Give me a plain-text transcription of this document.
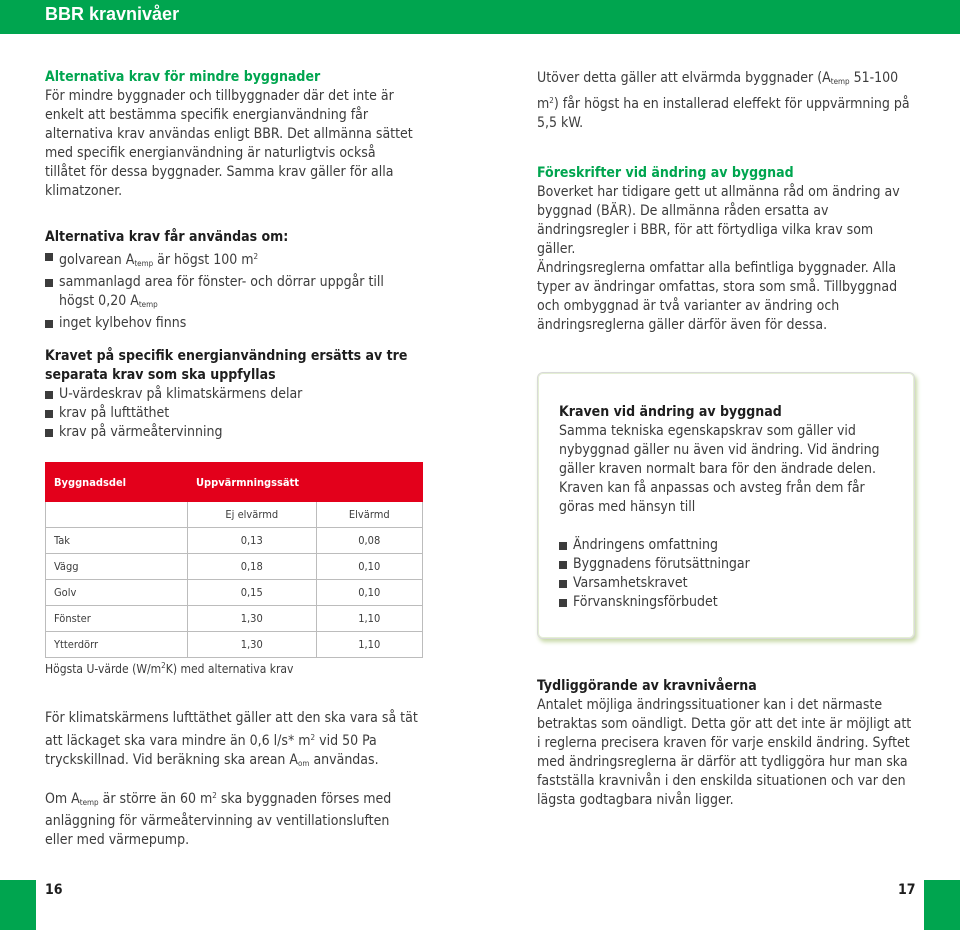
BBR kravnivåer

Alternativa krav för mindre byggnader

För mindre byggnader och tillbyggnader där det inte är enkelt att bestämma specifik energianvändning får alternativa krav användas enligt BBR. Det allmänna sättet med specifik energianvändning är naturligtvis också tillåtet för dessa byggnader. Samma krav gäller för alla klimatzoner.

Alternativa krav får användas om:

golvarean $A_{temp}$ är högst 100 $m^2$
sammanlagd area för fönster- och dörrar uppgår till högst 0,20 $A_{temp}$
inget kylbehov finns

Kravet på specifik energianvändning ersätts av tre separata krav som ska uppfyllas

U-värdeskrav på klimatskärmens delar
krav på lufttäthet
krav på värmeåtervinning
Byggnadsdel	Uppvärmningssätt	
	Ej elvärmd	Elvärmd
Tak	0,13	0,08
Vägg	0,18	0,10
Golv	0,15	0,10
Fönster	1,30	1,10
Ytterdörr	1,30	1,10
Högsta U-värde $(W/m^2K)$ med alternativa krav

För klimatskärmens lufttäthet gäller att den ska vara så tät att läckaget ska vara mindre än 0,6 l/s* $m^2$ vid 50 Pa tryckskillnad. Vid beräkning ska arean $A_{om}$ användas.

Om $A_{temp}$ är större än 60 $m^2$ ska byggnaden förses med anläggning för värmeåtervinning av ventillationsluften eller med värmepump.

Utöver detta gäller att elvärmda byggnader ($A_{temp}$ 51-100 $m^2$) får högst ha en installerad eleffekt för uppvärmning på 5,5 kW.

Föreskrifter vid ändring av byggnad

Boverket har tidigare gett ut allmänna råd om ändring av byggnad (BÄR). De allmänna råden ersatta av ändringsregler i BBR, för att förtydliga vilka krav som gäller.

Ändringsreglerna omfattar alla befintliga byggnader. Alla typer av ändringar omfattas, stora som små. Tillbyggnad och ombyggnad är två varianter av ändring och ändringsreglerna gäller därför även för dessa.

Kraven vid ändring av byggnad

Samma tekniska egenskapskrav som gäller vid nybyggnad gäller nu även vid ändring. Vid ändring gäller kraven normalt bara för den ändrade delen. Kraven kan få anpassas och avsteg från dem får göras med hänsyn till

Ändringens omfattning
Byggnadens förutsättningar
Varsamhetskravet
Förvanskningsförbudet

Tydliggörande av kravnivåerna

Antalet möjliga ändringssituationer kan i det närmaste betraktas som oändligt. Detta gör att det inte är möjligt att i reglerna precisera kraven för varje enskild ändring. Syftet med ändringsreglerna är därför att tydliggöra hur man ska fastställa kravnivån i den enskilda situationen och var den lägsta godtagbara nivån ligger.

16	17
